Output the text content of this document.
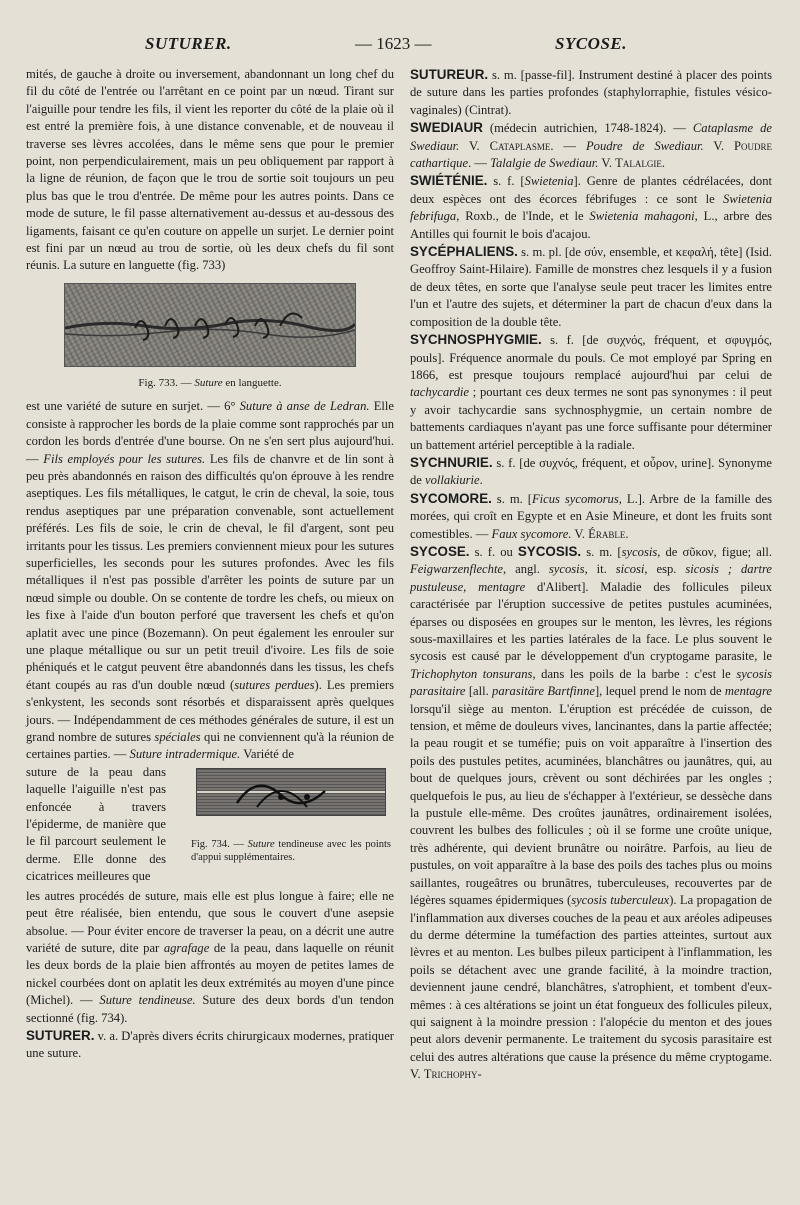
SUTURER.	— 1623 —	SYCOSE.

mités, de gauche à droite ou inversement, abandonnant un long chef du fil du côté de l'entrée ou l'arrêtant en ce point par un nœud. Tirant sur l'aiguille pour tendre les fils, il vient les reporter du côté de la plaie où il est entré la première fois, à une distance convenable, et de nouveau il traverse ses lèvres accolées, dans le même sens que pour le premier point, non perpendiculairement, mais un peu obliquement par rapport à la ligne de réunion, de façon que le trou de sortie soit toujours un peu plus bas que le trou d'entrée. De même pour les autres points. Dans ce mode de suture, le fil passe alternativement au-dessus et au-dessous des ligaments, faisant ce qu'en couture on appelle un surjet. Le dernier point est fini par un nœud au trou de sortie, où les deux chefs du fil sont réunis. La suture en languette (fig. 733)

Fig. 733. — Suture en languette.

est une variété de suture en surjet. — 6° Suture à anse de Ledran. Elle consiste à rapprocher les bords de la plaie comme sont rapprochés par un cordon les bords d'entrée d'une bourse. On ne s'en sert plus aujourd'hui. — Fils employés pour les sutures. Les fils de chanvre et de lin sont à peu près abandonnés en raison des difficultés qu'on éprouve à les rendre aseptiques. Les fils métalliques, le catgut, le crin de cheval, la soie, tous rendus aseptiques par une préparation convenable, sont actuellement préférés. Les fils de soie, le crin de cheval, le fil d'argent, sont peu irritants pour les tissus. Les premiers conviennent mieux pour les sutures superficielles, les seconds pour les sutures profondes. Avec les fils métalliques il n'est pas possible d'arrêter les points de suture par un nœud simple ou double. On se contente de tordre les chefs, ou mieux on les fixe à l'aide d'un bouton perforé que traversent les chefs et qu'on aplatit avec une pince (Bozemann). On peut également les enrouler sur une plaque métallique ou sur un petit treuil d'ivoire. Les fils de soie phéniqués et le catgut peuvent être abandonnés dans les tissus, les chefs étant coupés au ras d'un double nœud (sutures perdues). Les premiers s'enkystent, les seconds sont résorbés et disparaissent après quelques jours. — Indépendamment de ces méthodes générales de suture, il est un grand nombre de sutures spéciales qui ne conviennent qu'à la réunion de certaines parties. — Suture intradermique. Variété de

suture de la peau dans laquelle l'aiguille n'est pas enfoncée à travers l'épiderme, de manière que le fil parcourt seulement le derme. Elle donne des cicatrices meilleures que
Fig. 734. — Suture tendineuse avec les points d'appui supplémentaires.

les autres procédés de suture, mais elle est plus longue à faire; elle ne peut être réalisée, bien entendu, que sous le couvert d'une asepsie absolue. — Pour éviter encore de traverser la peau, on a décrit une autre variété de suture, dite par agrafage de la peau, dans laquelle on réunit les deux bords de la plaie bien affrontés au moyen de petites lames de nickel courbées dont on aplatit les deux extrémités au moyen d'une pince (Michel). — Suture tendineuse. Suture des deux bords d'un tendon sectionné (fig. 734).

SUTURER. v. a. D'après divers écrits chirurgicaux modernes, pratiquer une suture.

SUTUREUR. s. m. [passe-fil]. Instrument destiné à placer des points de suture dans les parties profondes (staphylorraphie, fistules vésico-vaginales) (Cintrat).

SWEDIAUR (médecin autrichien, 1748-1824). — Cataplasme de Swediaur. V. Cataplasme. — Poudre de Swediaur. V. Poudre cathartique. — Talalgie de Swediaur. V. Talalgie.

SWIÉTÉNIE. s. f. [Swietenia]. Genre de plantes cédrélacées, dont deux espèces ont des écorces fébrifuges : ce sont le Swietenia febrifuga, Roxb., de l'Inde, et le Swietenia mahagoni, L., arbre des Antilles qui fournit le bois d'acajou.

SYCÉPHALIENS. s. m. pl. [de σύν, ensemble, et κεφαλή, tête] (Isid. Geoffroy Saint-Hilaire). Famille de monstres chez lesquels il y a fusion de deux têtes, en sorte que l'analyse seule peut tracer les limites entre l'un et l'autre des sujets, et déterminer la part de chacun d'eux dans la composition de la double tête.

SYCHNOSPHYGMIE. s. f. [de συχνός, fréquent, et σφυγμός, pouls]. Fréquence anormale du pouls. Ce mot employé par Spring en 1866, est presque toujours remplacé aujourd'hui par celui de tachycardie ; pourtant ces deux termes ne sont pas synonymes : il peut y avoir tachycardie sans sychnosphygmie, un certain nombre de battements cardiaques n'ayant pas une force suffisante pour déterminer un battement artériel perceptible à la radiale.

SYCHNURIE. s. f. [de συχνός, fréquent, et οὖρον, urine]. Synonyme de vollakiurie.

SYCOMORE. s. m. [Ficus sycomorus, L.]. Arbre de la famille des morées, qui croît en Egypte et en Asie Mineure, et dont les fruits sont comestibles. — Faux sycomore. V. Érable.

SYCOSE. s. f. ou SYCOSIS. s. m. [sycosis, de σῦκον, figue; all. Feigwarzenflechte, angl. sycosis, it. sicosi, esp. sicosis ; dartre pustuleuse, mentagre d'Alibert]. Maladie des follicules pileux caractérisée par l'éruption successive de petites pustules acuminées, éparses ou disposées en groupes sur le menton, les lèvres, les régions sous-maxillaires et les parties latérales de la face. Le plus souvent le sycosis est causé par le développement d'un cryptogame parasite, le Trichophyton tonsurans, dans les poils de la barbe : c'est le sycosis parasitaire [all. parasitäre Bartfinne], lequel prend le nom de mentagre lorsqu'il siège au menton. L'éruption est précédée de cuisson, de tension, et même de douleurs vives, lancinantes, dans la partie affectée; la peau rougit et se tuméfie; puis on voit apparaître à l'insertion des poils des pustules petites, acuminées, blanchâtres ou jaunâtres, qui, au bout de quelques jours, crèvent ou sont déchirées par les ongles ; quelquefois le pus, au lieu de s'échapper à l'extérieur, se dessèche dans la pustule elle-même. Des croûtes jaunâtres, ordinairement isolées, couvrent les bulbes des follicules ; où il se forme une croûte unique, très adhérente, qui devient brunâtre ou noirâtre. Parfois, au lieu de pustules, on voit apparaître à la base des poils des taches plus ou moins saillantes, rougeâtres ou brunâtres, tuberculeuses, recouvertes par de légères squames épidermiques (sycosis tuberculeux). La propagation de l'inflammation aux diverses couches de la peau et aux aréoles adipeuses du derme détermine la tuméfaction des parties atteintes, surtout aux lèvres et au menton. Les bulbes pileux participent à l'inflammation, les poils se détachent avec une grande facilité, à la moindre traction, deviennent jaune cendré, blanchâtres, s'atrophient, et tombent d'eux-mêmes : à ces altérations se joint un état fongueux des follicules pileux, qui saignent à la moindre pression : l'alopécie du menton et des joues peut alors devenir permanente. Le traitement du sycosis parasitaire est celui des autres altérations que cause la présence du même cryptogame. V. Trichophy-
